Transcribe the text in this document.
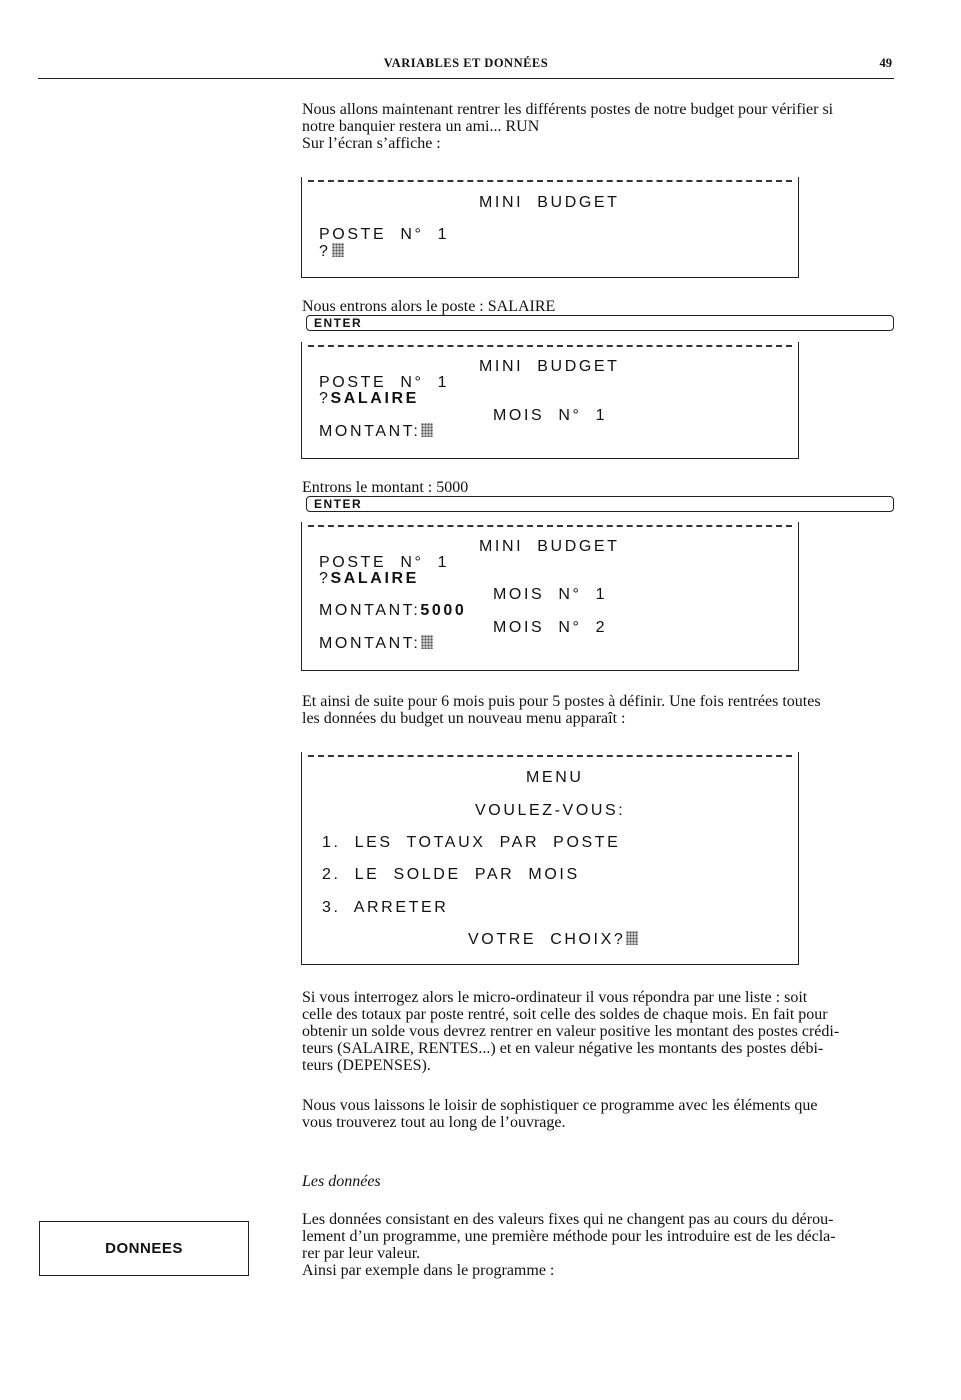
VARIABLES ET DONNÉES	49

Nous allons maintenant rentrer les différents postes de notre budget pour vérifier si
notre banquier restera un ami... RUN
Sur l’écran s’affiche :

MINI  BUDGET
POSTE  N°  1
?

Nous entrons alors le poste : SALAIRE
ENTER

MINI  BUDGET
POSTE  N°  1
?SALAIRE
MOIS  N°  1
MONTANT:

Entrons le montant : 5000
ENTER

MINI  BUDGET
POSTE  N°  1
?SALAIRE
MOIS  N°  1
MONTANT:5000
MOIS  N°  2
MONTANT:

Et ainsi de suite pour 6 mois puis pour 5 postes à définir. Une fois rentrées toutes
les données du budget un nouveau menu apparaît :

MENU
VOULEZ-VOUS:
1.  LES  TOTAUX  PAR  POSTE
2.  LE  SOLDE  PAR  MOIS
3.  ARRETER
VOTRE  CHOIX?

Si vous interrogez alors le micro-ordinateur il vous répondra par une liste : soit
celle des totaux par poste rentré, soit celle des soldes de chaque mois. En fait pour
obtenir un solde vous devrez rentrer en valeur positive les montant des postes crédi-
teurs (SALAIRE, RENTES...) et en valeur négative les montants des postes débi-
teurs (DEPENSES).

Nous vous laissons le loisir de sophistiquer ce programme avec les éléments que
vous trouverez tout au long de l’ouvrage.

Les données

Les données consistant en des valeurs fixes qui ne changent pas au cours du dérou-
lement d’un programme, une première méthode pour les introduire est de les décla-
rer par leur valeur.
Ainsi par exemple dans le programme :

DONNEES
